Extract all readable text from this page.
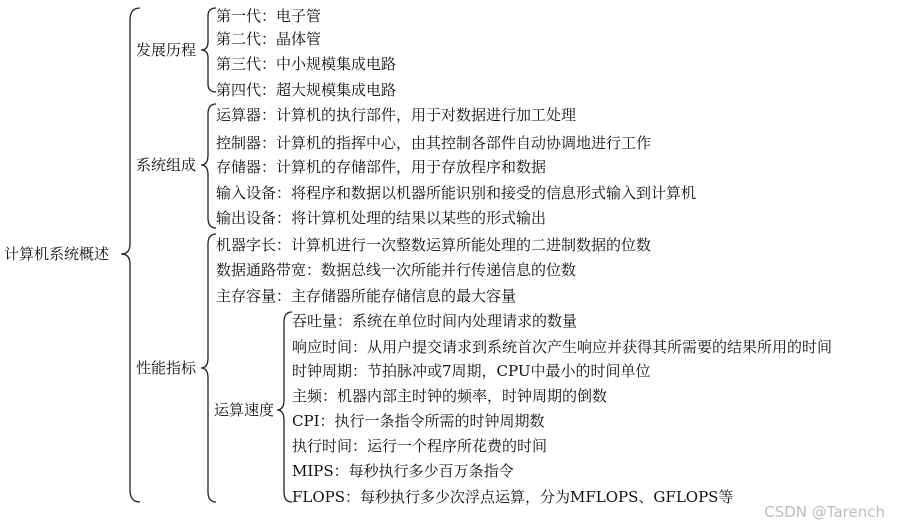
计算机系统概述
发展历程
第一代：电子管
第二代：晶体管
第三代：中小规模集成电路
第四代：超大规模集成电路
系统组成
运算器：计算机的执行部件，用于对数据进行加工处理
控制器：计算机的指挥中心，由其控制各部件自动协调地进行工作
存储器：计算机的存储部件，用于存放程序和数据
输入设备：将程序和数据以机器所能识别和接受的信息形式输入到计算机
输出设备：将计算机处理的结果以某些的形式输出
性能指标
机器字长：计算机进行一次整数运算所能处理的二进制数据的位数
数据通路带宽：数据总线一次所能并行传递信息的位数
主存容量：主存储器所能存储信息的最大容量
运算速度
吞吐量：系统在单位时间内处理请求的数量
响应时间：从用户提交请求到系统首次产生响应并获得其所需要的结果所用的时间
时钟周期：节拍脉冲或7周期，CPU中最小的时间单位
主频：机器内部主时钟的频率，时钟周期的倒数
CPI：执行一条指令所需的时钟周期数
执行时间：运行一个程序所花费的时间
MIPS：每秒执行多少百万条指令
FLOPS：每秒执行多少次浮点运算，分为MFLOPS、GFLOPS等
CSDN @Tarench
